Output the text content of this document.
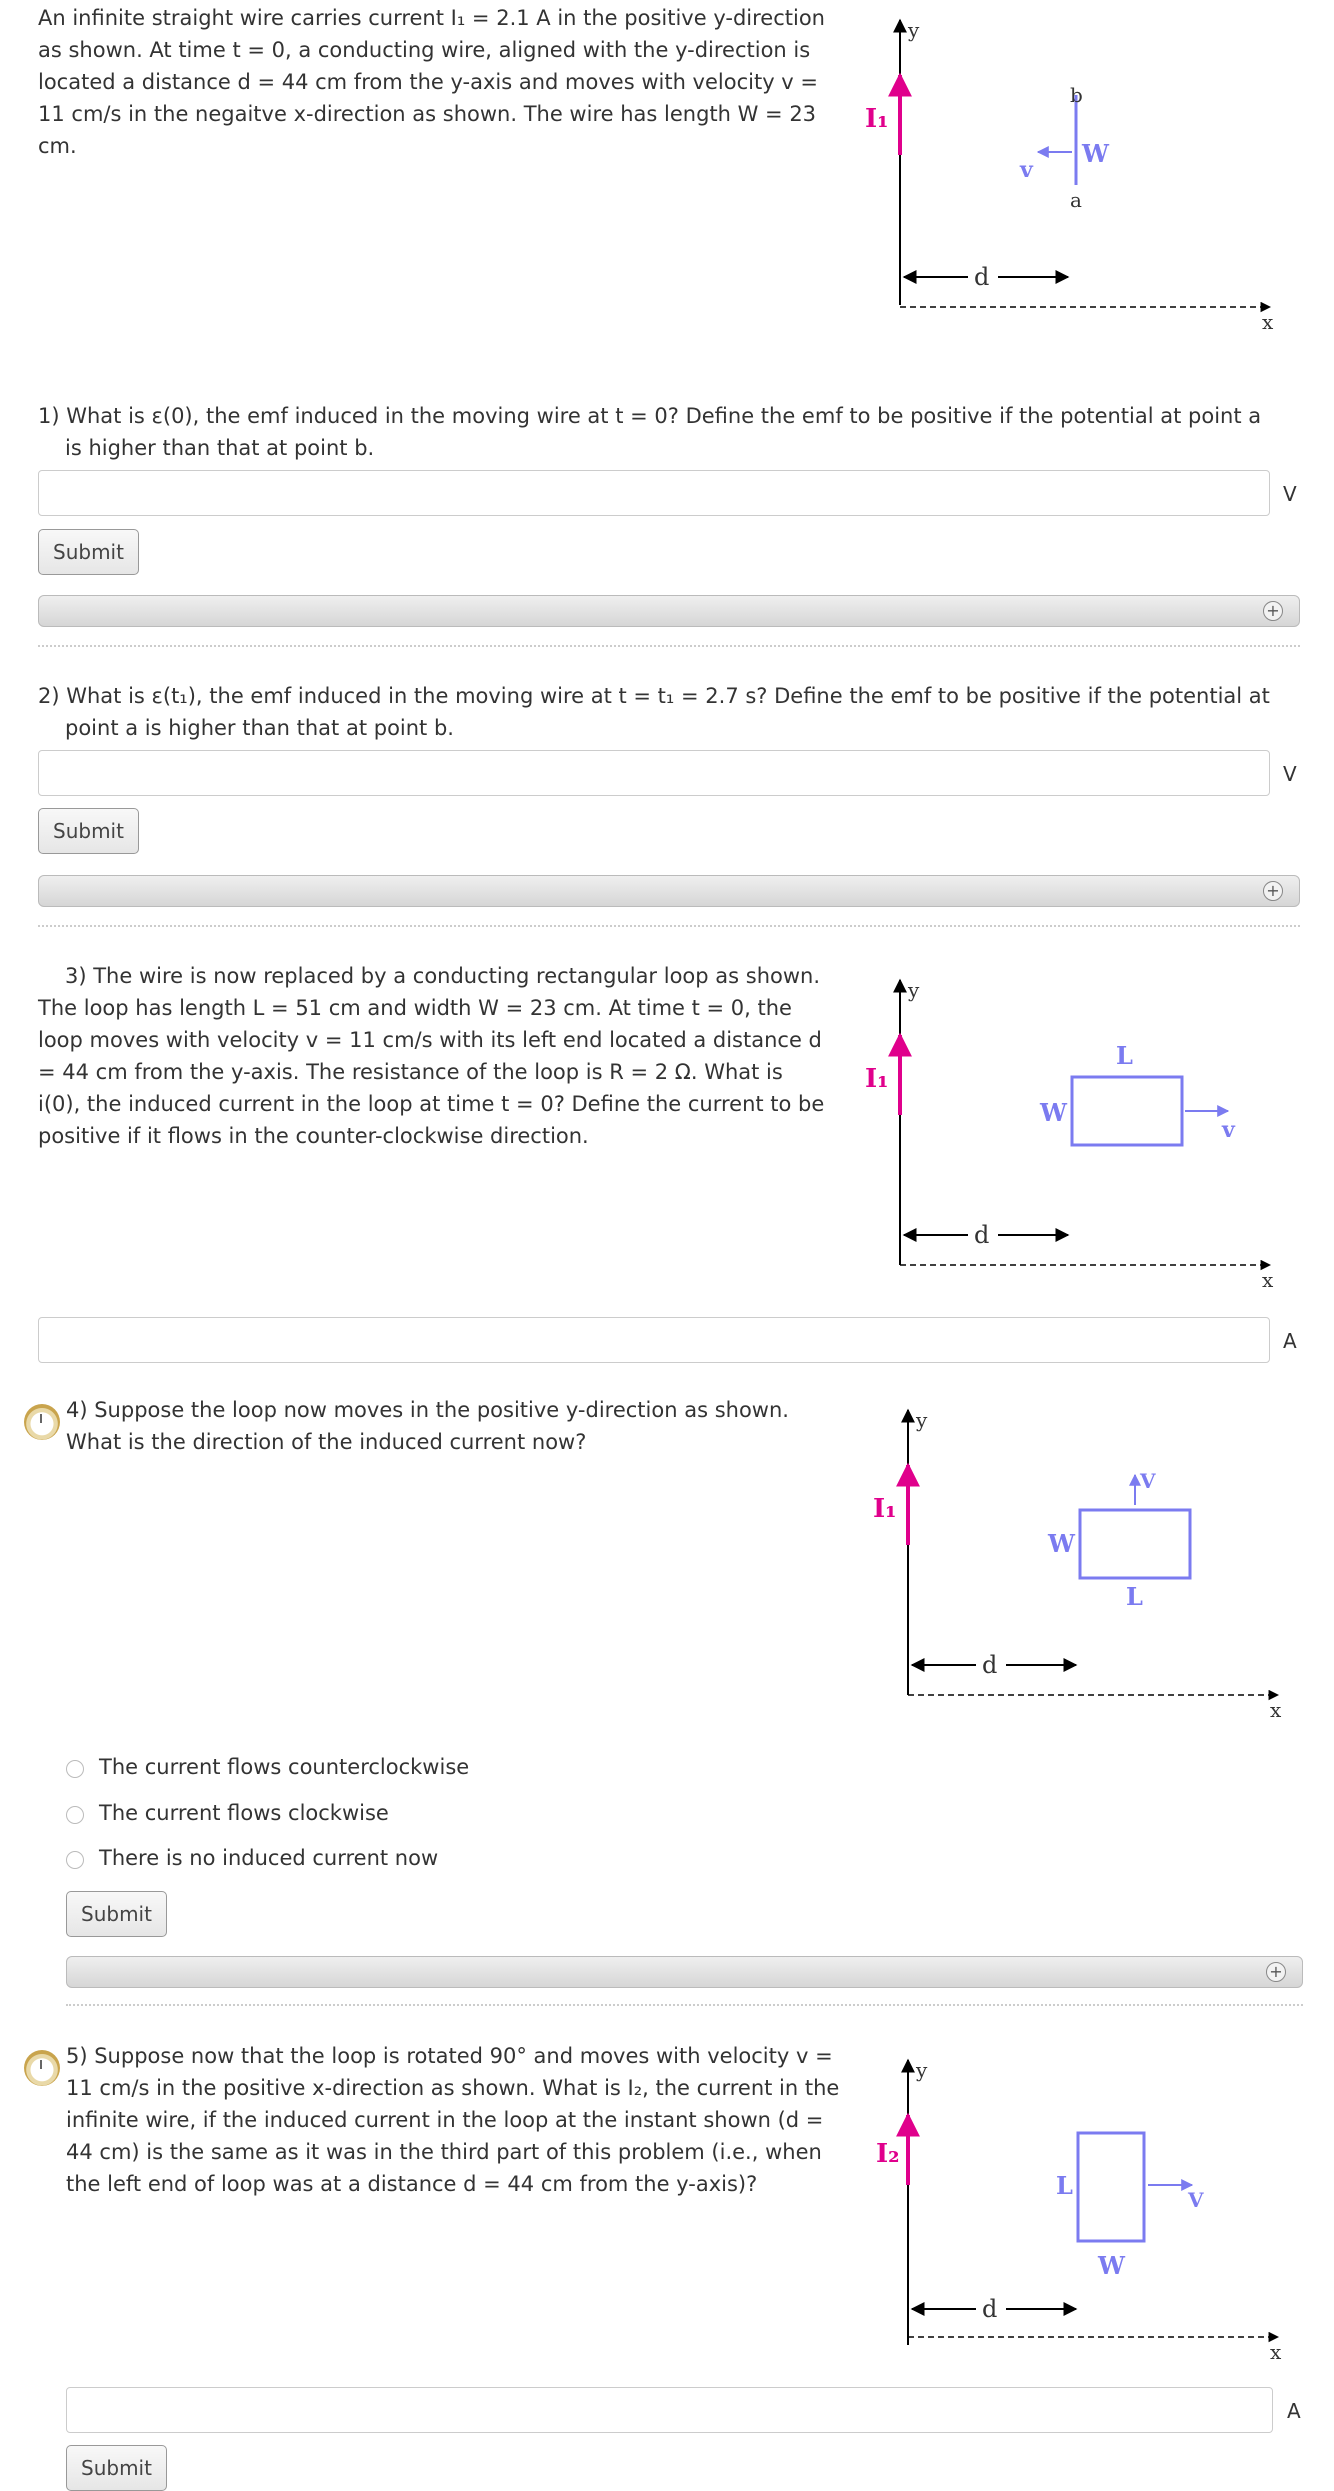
An infinite straight wire carries current I₁ = 2.1 A in the positive y-direction as shown. At time t = 0, a conducting wire, aligned with the y-direction is located a distance d = 44 cm from the y-axis and moves with velocity v = 11 cm/s in the negaitve x-direction as shown. The wire has length W = 23 cm.
y
x
I₁
b
a
W
v
d
1) What is ε(0), the emf induced in the moving wire at t = 0? Define the emf to be positive if the potential at point a is higher than that at point b.
V
Submit
+
2) What is ε(t₁), the emf induced in the moving wire at t = t₁ = 2.7 s? Define the emf to be positive if the potential at point a is higher than that at point b.
V
Submit
+
3) The wire is now replaced by a conducting rectangular loop as shown. The loop has length L = 51 cm and width W = 23 cm. At time t = 0, the loop moves with velocity v = 11 cm/s with its left end located a distance d = 44 cm from the y-axis. The resistance of the loop is R = 2 Ω. What is i(0), the induced current in the loop at time t = 0? Define the current to be positive if it flows in the counter-clockwise direction.
y
x
I₁
L
W
v
d
A
4) Suppose the loop now moves in the positive y-direction as shown. What is the direction of the induced current now?
y
x
I₁
L
W
V
d
The current flows counterclockwise
The current flows clockwise
There is no induced current now
Submit
+
5) Suppose now that the loop is rotated 90° and moves with velocity v = 11 cm/s in the positive x-direction as shown. What is I₂, the current in the infinite wire, if the induced current in the loop at the instant shown (d = 44 cm) is the same as it was in the third part of this problem (i.e., when the left end of loop was at a distance d = 44 cm from the y-axis)?
y
x
I₂
L
W
V
d
A
Submit
